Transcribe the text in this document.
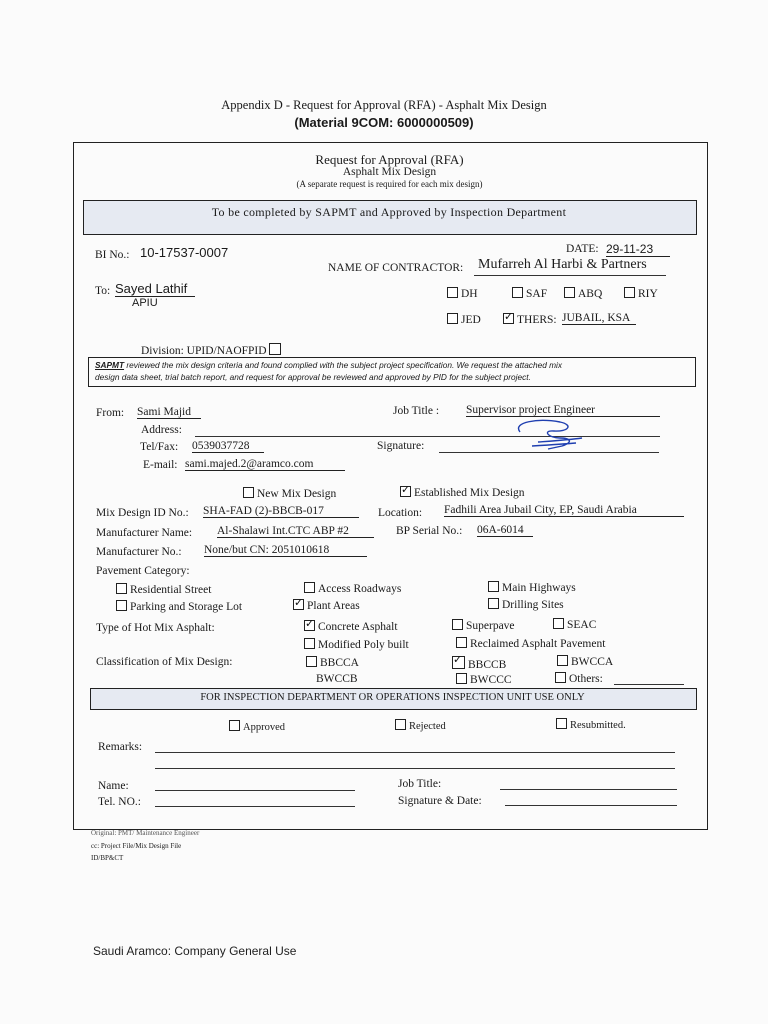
Appendix D - Request for Approval (RFA) - Asphalt Mix Design
(Material 9COM: 6000000509)
Request for Approval (RFA)
Asphalt Mix Design
(A separate request is required for each mix design)
To be completed by SAPMT and Approved by Inspection Department
BI No.: 10-17537-0007	DATE: 29-11-23
NAME OF CONTRACTOR: Mufarreh Al Harbi & Partners
To: Sayed Lathif
APIU
DH	SAF	ABQ	RIY
JED ✓	THERS: JUBAIL, KSA
Division: UPID/NAOFPID
SAPMT reviewed the mix design criteria and found complied with the subject project specification. We request the attached mix
design data sheet, trial batch report, and request for approval be reviewed and approved by PID for the subject project.
From: Sami Majid	Job Title : Supervisor project Engineer
Address:
Tel/Fax: 0539037728	Signature:
E-mail: sami.majed.2@aramco.com
New Mix Design ✓	Established Mix Design
Mix Design ID No.: SHA-FAD (2)-BBCB-017	Location: Fadhili Area Jubail City, EP, Saudi Arabia
Manufacturer Name: Al-Shalawi Int.CTC ABP #2	BP Serial No.: 06A-6014
Manufacturer No.: None/but CN: 2051010618
Pavement Category:
Residential Street	Access Roadways	Main Highways
Parking and Storage Lot ✓	Plant Areas	Drilling Sites
Type of Hot Mix Asphalt: ✓	Concrete Asphalt	Superpave	SEAC
Modified Poly built	Reclaimed Asphalt Pavement
Classification of Mix Design:	BBCCA ✓	BBCCB	BWCCA
BWCCB	BWCCC	Others:
FOR INSPECTION DEPARTMENT OR OPERATIONS INSPECTION UNIT USE ONLY
Approved	Rejected	Resubmitted.
Remarks:
Name:	Job Title:
Tel. NO.:	Signature & Date:
Original: PMT/ Maintenance Engineer
cc: Project File/Mix Design File
ID/BP&CT
Saudi Aramco: Company General Use
